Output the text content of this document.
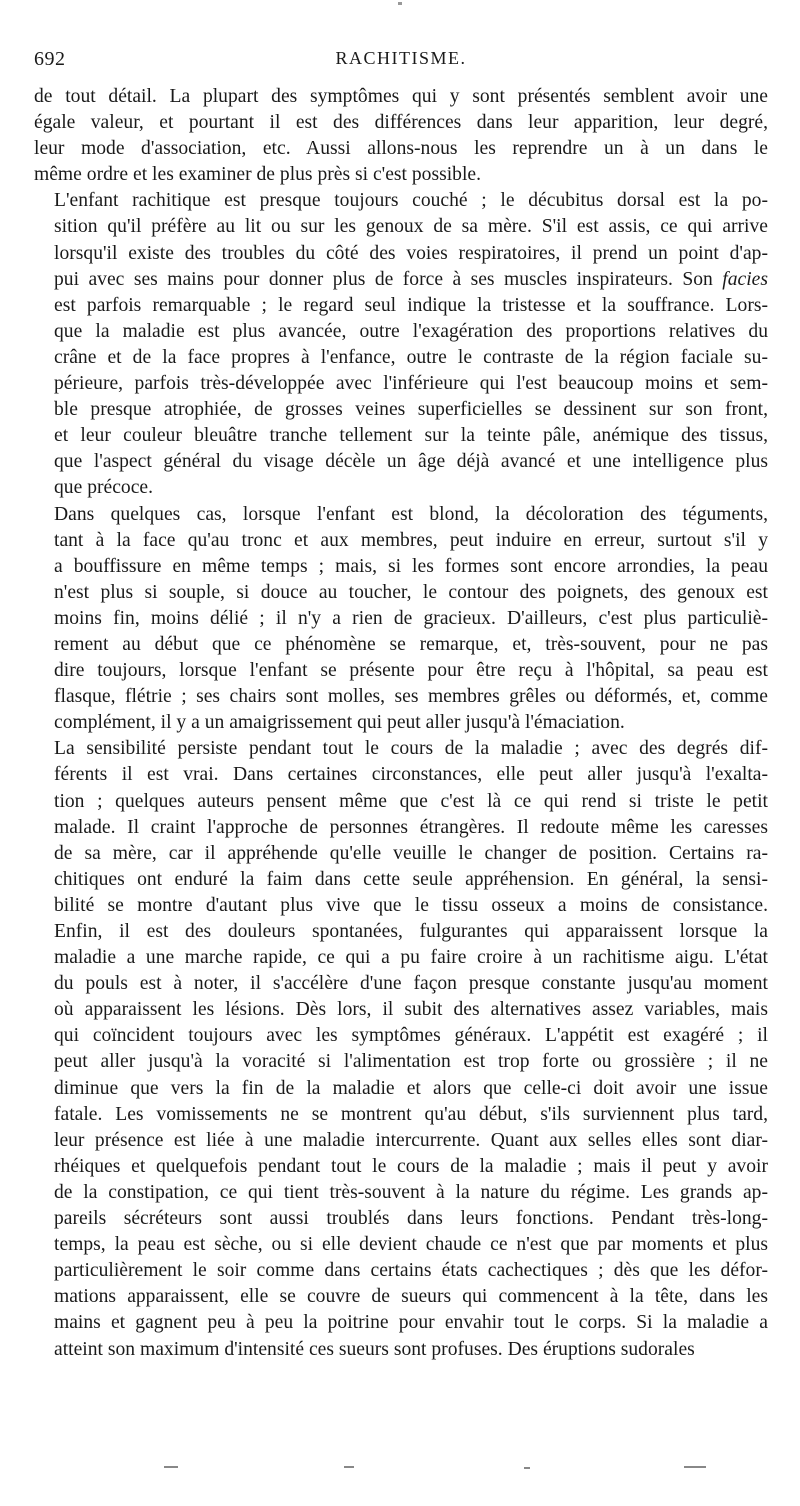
692	RACHITISME.

de tout détail. La plupart des symptômes qui y sont présentés semblent avoir une
égale valeur, et pourtant il est des différences dans leur apparition, leur degré,
leur mode d'association, etc. Aussi allons-nous les reprendre un à un dans le
même ordre et les examiner de plus près si c'est possible.

L'enfant rachitique est presque toujours couché ; le décubitus dorsal est la po-
sition qu'il préfère au lit ou sur les genoux de sa mère. S'il est assis, ce qui arrive
lorsqu'il existe des troubles du côté des voies respiratoires, il prend un point d'ap-
pui avec ses mains pour donner plus de force à ses muscles inspirateurs. Son facies
est parfois remarquable ; le regard seul indique la tristesse et la souffrance. Lors-
que la maladie est plus avancée, outre l'exagération des proportions relatives du
crâne et de la face propres à l'enfance, outre le contraste de la région faciale su-
périeure, parfois très-développée avec l'inférieure qui l'est beaucoup moins et sem-
ble presque atrophiée, de grosses veines superficielles se dessinent sur son front,
et leur couleur bleuâtre tranche tellement sur la teinte pâle, anémique des tissus,
que l'aspect général du visage décèle un âge déjà avancé et une intelligence plus
que précoce.

Dans quelques cas, lorsque l'enfant est blond, la décoloration des téguments,
tant à la face qu'au tronc et aux membres, peut induire en erreur, surtout s'il y
a bouffissure en même temps ; mais, si les formes sont encore arrondies, la peau
n'est plus si souple, si douce au toucher, le contour des poignets, des genoux est
moins fin, moins délié ; il n'y a rien de gracieux. D'ailleurs, c'est plus particuliè-
rement au début que ce phénomène se remarque, et, très-souvent, pour ne pas
dire toujours, lorsque l'enfant se présente pour être reçu à l'hôpital, sa peau est
flasque, flétrie ; ses chairs sont molles, ses membres grêles ou déformés, et, comme
complément, il y a un amaigrissement qui peut aller jusqu'à l'émaciation.

La sensibilité persiste pendant tout le cours de la maladie ; avec des degrés dif-
férents il est vrai. Dans certaines circonstances, elle peut aller jusqu'à l'exalta-
tion ; quelques auteurs pensent même que c'est là ce qui rend si triste le petit
malade. Il craint l'approche de personnes étrangères. Il redoute même les caresses
de sa mère, car il appréhende qu'elle veuille le changer de position. Certains ra-
chitiques ont enduré la faim dans cette seule appréhension. En général, la sensi-
bilité se montre d'autant plus vive que le tissu osseux a moins de consistance.
Enfin, il est des douleurs spontanées, fulgurantes qui apparaissent lorsque la
maladie a une marche rapide, ce qui a pu faire croire à un rachitisme aigu. L'état
du pouls est à noter, il s'accélère d'une façon presque constante jusqu'au moment
où apparaissent les lésions. Dès lors, il subit des alternatives assez variables, mais
qui coïncident toujours avec les symptômes généraux. L'appétit est exagéré ; il
peut aller jusqu'à la voracité si l'alimentation est trop forte ou grossière ; il ne
diminue que vers la fin de la maladie et alors que celle-ci doit avoir une issue
fatale. Les vomissements ne se montrent qu'au début, s'ils surviennent plus tard,
leur présence est liée à une maladie intercurrente. Quant aux selles elles sont diar-
rhéiques et quelquefois pendant tout le cours de la maladie ; mais il peut y avoir
de la constipation, ce qui tient très-souvent à la nature du régime. Les grands ap-
pareils sécréteurs sont aussi troublés dans leurs fonctions. Pendant très-long-
temps, la peau est sèche, ou si elle devient chaude ce n'est que par moments et plus
particulièrement le soir comme dans certains états cachectiques ; dès que les défor-
mations apparaissent, elle se couvre de sueurs qui commencent à la tête, dans les
mains et gagnent peu à peu la poitrine pour envahir tout le corps. Si la maladie a
atteint son maximum d'intensité ces sueurs sont profuses. Des éruptions sudorales
